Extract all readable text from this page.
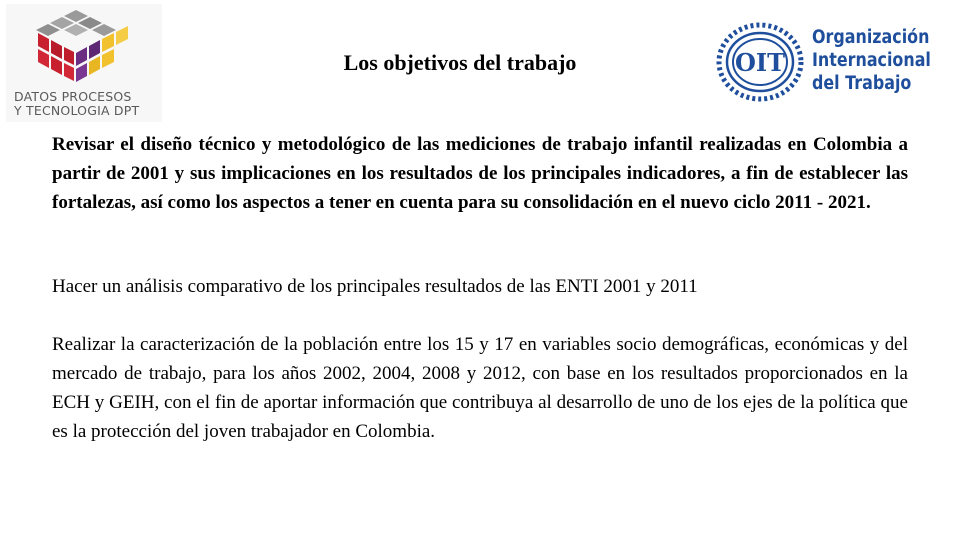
DATOS PROCESOS
Y TECNOLOGIA DPT
Los objetivos del trabajo	OIT
Organización
Internacional
del Trabajo

Revisar el diseño técnico y metodológico de las mediciones de trabajo infantil realizadas en Colombia a partir de 2001 y sus implicaciones en los resultados de los principales indicadores, a fin de establecer las fortalezas, así como los aspectos a tener en cuenta para su consolidación en el nuevo ciclo 2011 - 2021.

Hacer un análisis comparativo de los principales resultados de las ENTI 2001 y 2011

Realizar la caracterización de la población entre los 15 y 17 en variables socio demográficas, económicas y del mercado de trabajo, para los años 2002, 2004, 2008 y 2012, con base en los resultados proporcionados en la ECH y GEIH, con el fin de aportar información que contribuya al desarrollo de uno de los ejes de la política que es la protección del joven trabajador en Colombia.
